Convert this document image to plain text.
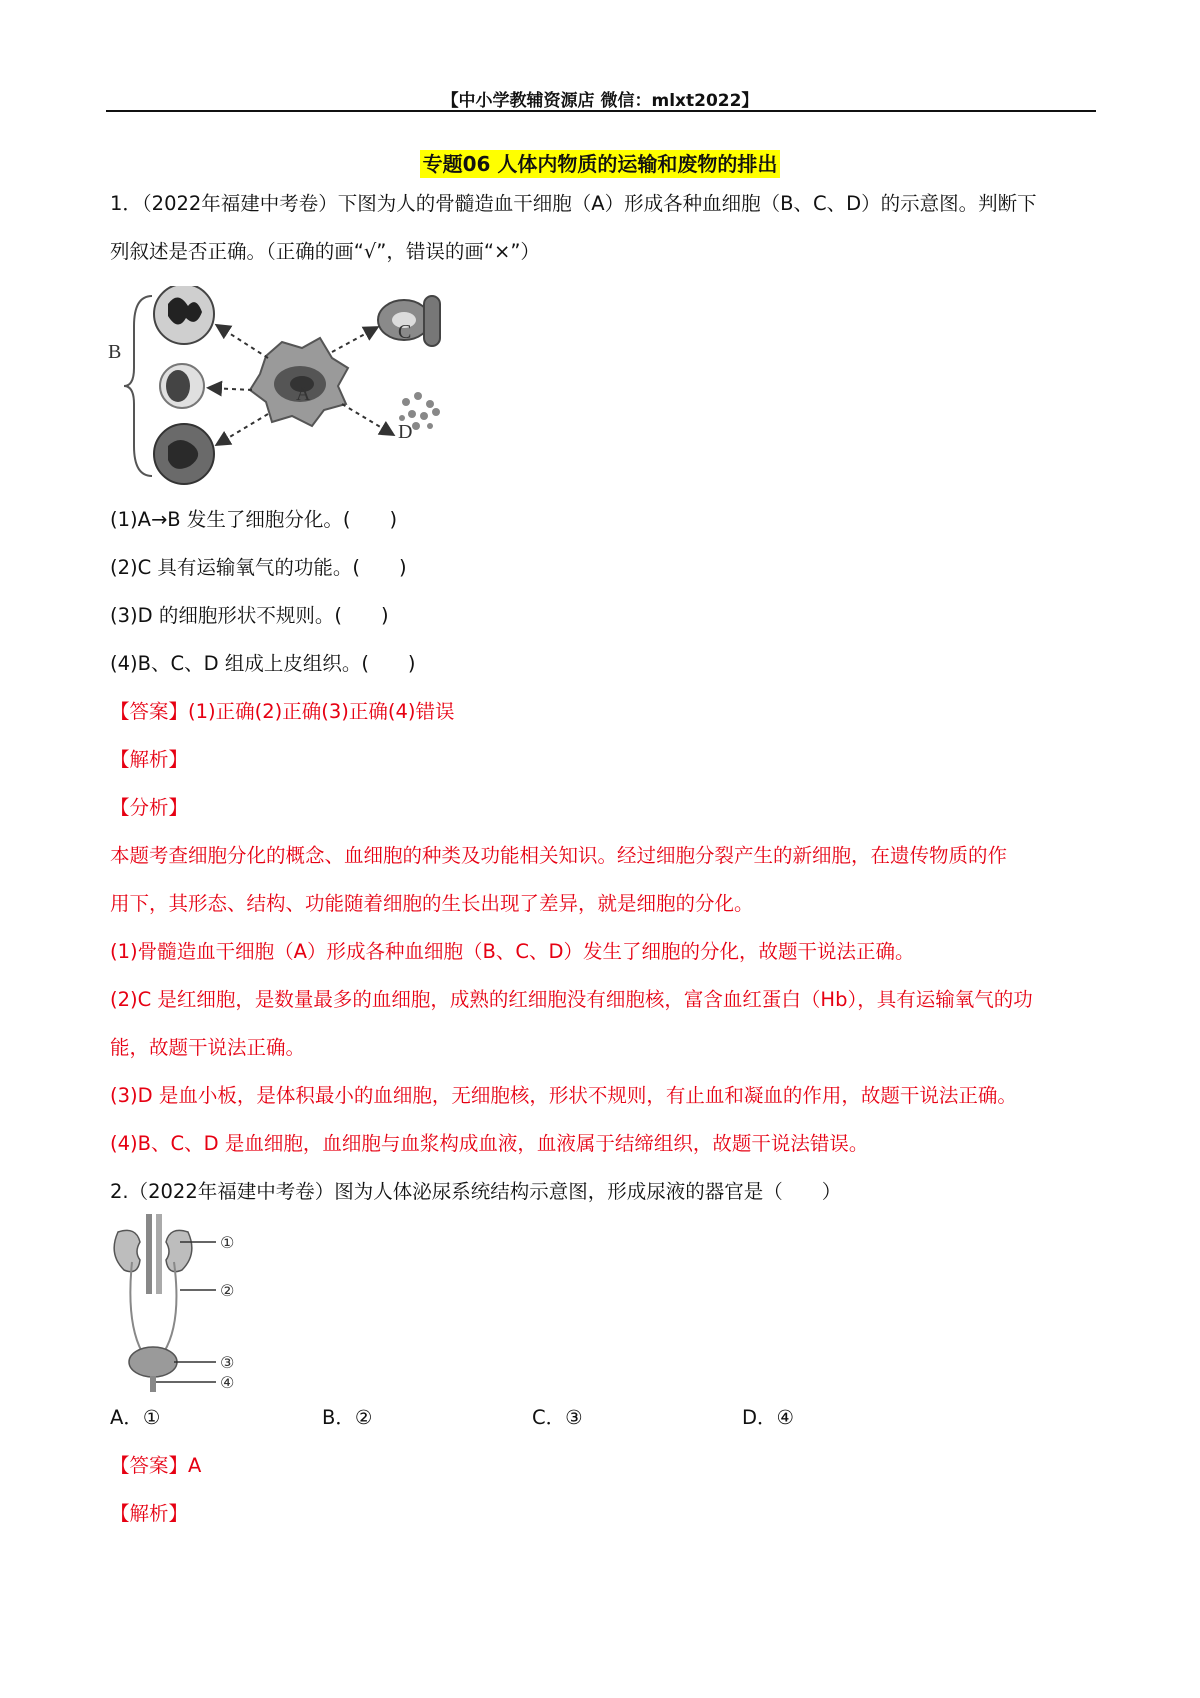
【中小学教辅资源店 微信：mlxt2022】
专题06 人体内物质的运输和废物的排出
1．（2022年福建中考卷）下图为人的骨髓造血干细胞（A）形成各种血细胞（B、C、D）的示意图。判断下
列叙述是否正确。（正确的画“√”，错误的画“×”）
B
A
C
D
(1)A→B 发生了细胞分化。(　　)
(2)C 具有运输氧气的功能。(　　)
(3)D 的细胞形状不规则。(　　)
(4)B、C、D 组成上皮组织。(　　)
【答案】(1)正确(2)正确(3)正确(4)错误
【解析】
【分析】
本题考查细胞分化的概念、血细胞的种类及功能相关知识。经过细胞分裂产生的新细胞，在遗传物质的作
用下，其形态、结构、功能随着细胞的生长出现了差异，就是细胞的分化。
(1)骨髓造血干细胞（A）形成各种血细胞（B、C、D）发生了细胞的分化，故题干说法正确。
(2)C 是红细胞，是数量最多的血细胞，成熟的红细胞没有细胞核，富含血红蛋白（Hb），具有运输氧气的功
能，故题干说法正确。
(3)D 是血小板，是体积最小的血细胞，无细胞核，形状不规则，有止血和凝血的作用，故题干说法正确。
(4)B、C、D 是血细胞，血细胞与血浆构成血液，血液属于结缔组织，故题干说法错误。
2.（2022年福建中考卷）图为人体泌尿系统结构示意图，形成尿液的器官是（　　）
①
②
③
④
A．①	B．②	C．③	D．④
【答案】A
【解析】
